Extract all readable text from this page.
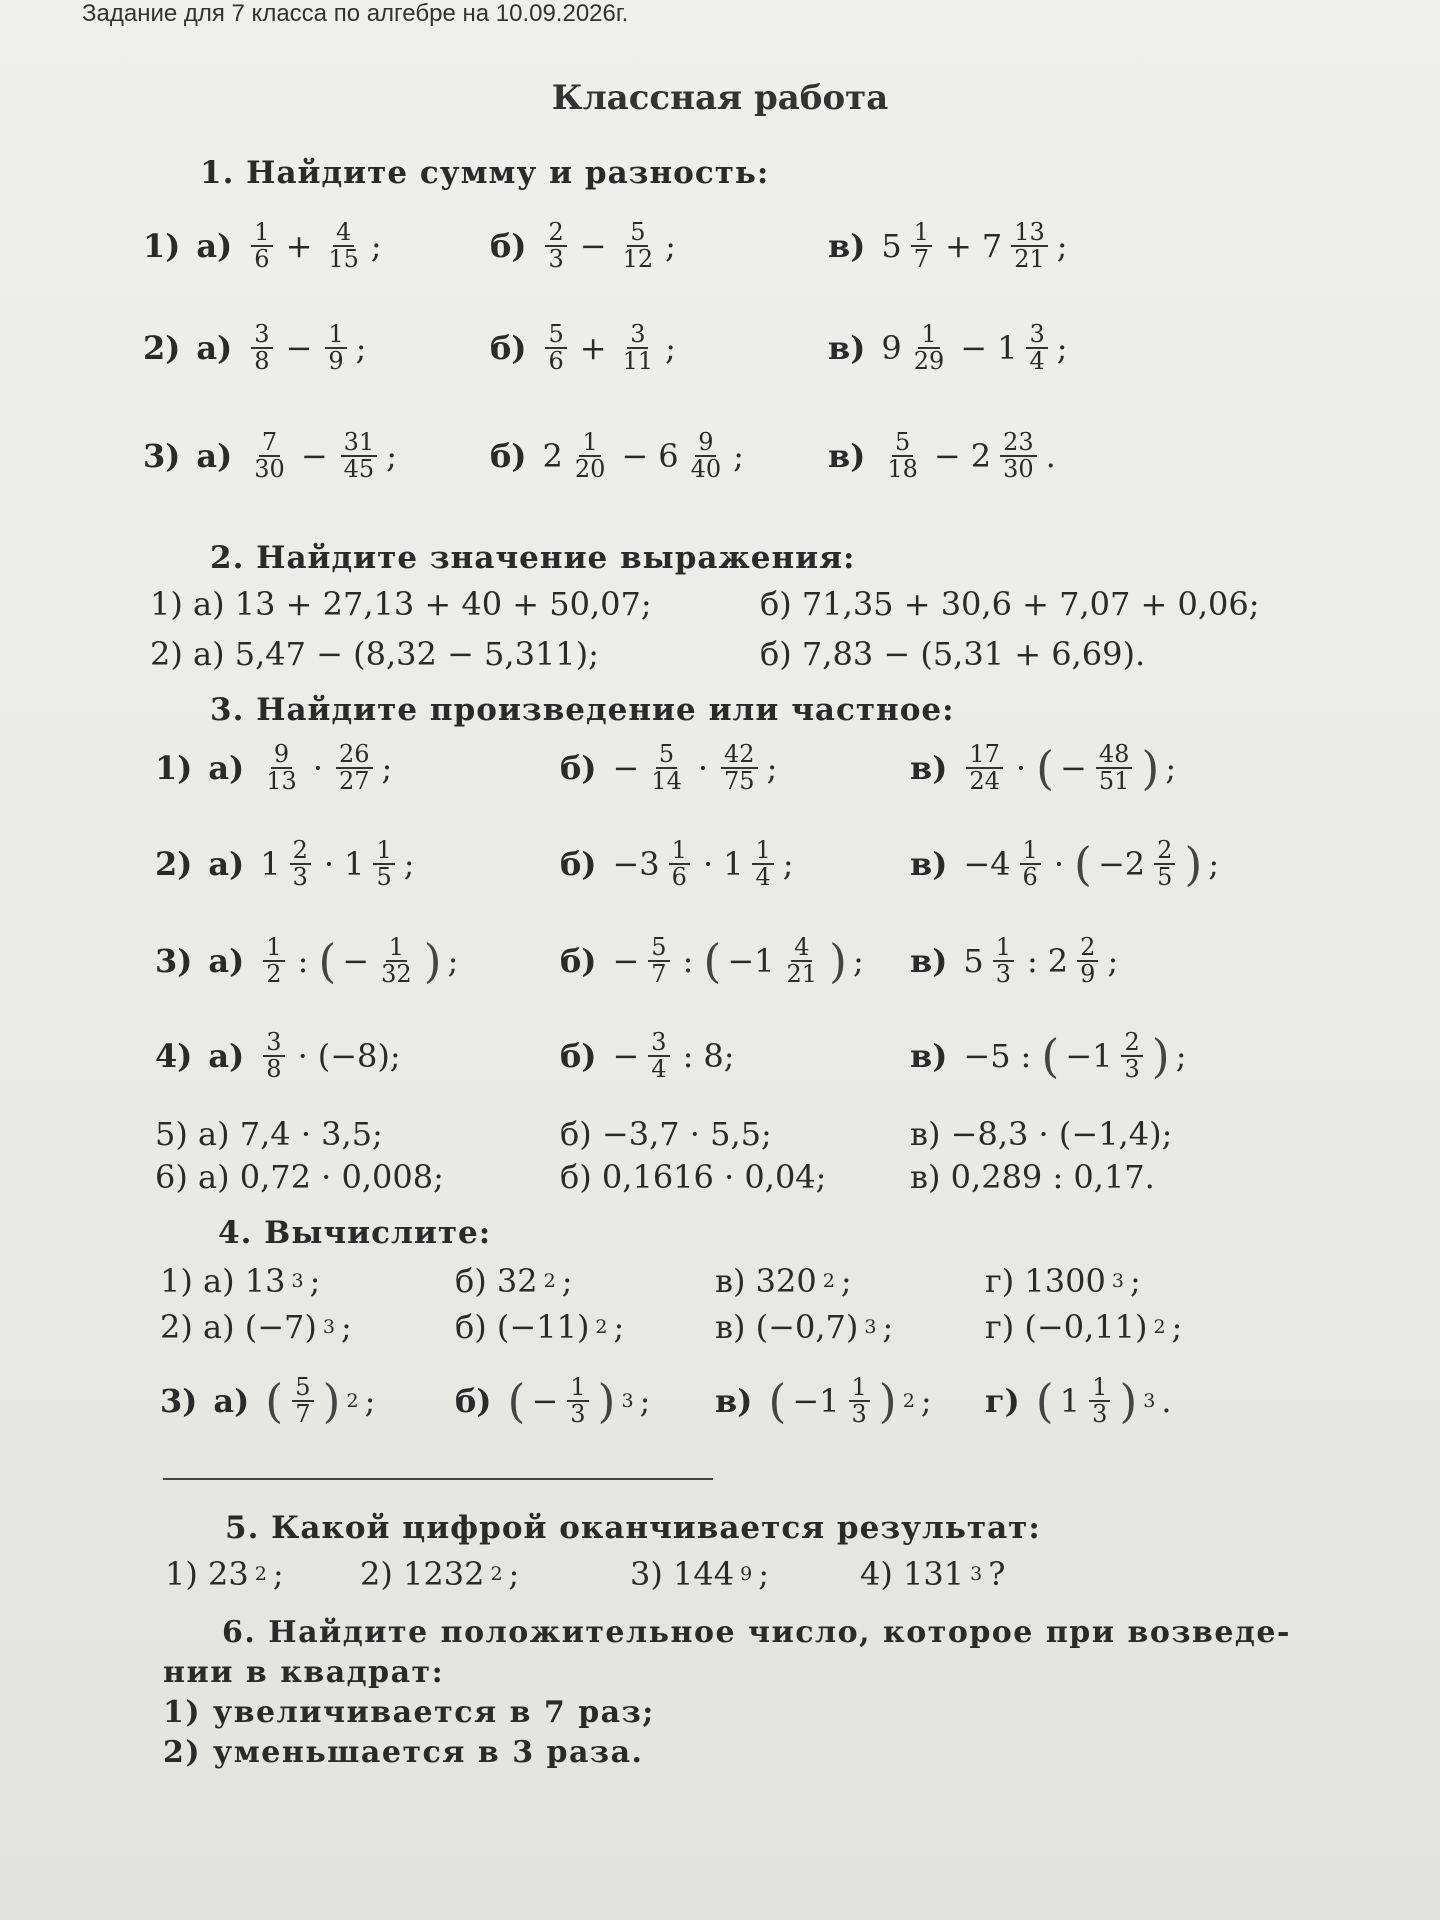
Задание для 7 класса по алгебре на 10.09.2026г.
Классная работа
1. Найдите сумму и разность:
1) $а) \frac{1}{6} + \frac{4}{15}$ ;	$б) \frac{2}{3} - \frac{5}{12}$ ;	в) $5 \frac{1}{7} + 7 \frac{13}{21}$ ;
2) $а) \frac{3}{8} - \frac{1}{9}$ ;	$б) \frac{5}{6} + \frac{3}{11}$ ;	в) $9 \frac{1}{29} - 1 \frac{3}{4}$ ;
3) $а) \frac{7}{30} - \frac{31}{45}$ ;	б) $2 \frac{1}{20} - 6 \frac{9}{40}$ ;	$в) \frac{5}{18} - 2 \frac{23}{30}$ .
2. Найдите значение выражения:
1) а) 13 + 27,13 + 40 + 50,07;	б) 71,35 + 30,6 + 7,07 + 0,06;
2) а) 5,47 − (8,32 − 5,311);	б) 7,83 − (5,31 + 6,69).
3. Найдите произведение или частное:
1) $а) \frac{9}{13} \cdot \frac{26}{27}$ ;	$б) - \frac{5}{14} \cdot \frac{42}{75}$ ;	$в) \frac{17}{24}$ · ( − $\frac{48}{51}$ ) ;
2) а) $1 \frac{2}{3} \cdot 1 \frac{1}{5}$ ;	$б) -3 \frac{1}{6} \cdot 1 \frac{1}{4}$ ;	$в) -4 \frac{1}{6}$ · ( $-2 \frac{2}{5}$ ) ;
3) $а) \frac{1}{2}$ : ( − $\frac{1}{32}$ ) ;	$б) - \frac{5}{7}$ : ( $-1 \frac{4}{21}$ ) ; в) $5 \frac{1}{3}$ : $2 \frac{2}{9}$ ;
4) $а) \frac{3}{8} \cdot (-8)$;	$б) - \frac{3}{4}$ : 8;	в) −5 : ( $-1 \frac{2}{3}$ ) ;
5) а) 7,4 · 3,5;	б) −3,7 · 5,5;	в) −8,3 · (−1,4);
6) а) 0,72 · 0,008;	б) 0,1616 · 0,04;	в) 0,289 : 0,17.
4. Вычислите:
1) а) 13 3 ;	б) 32 2 ;	в) 320 2 ;	г) 1300 3 ;
2) а) (−7) 3 ;	б) (−11) 2 ;	в) (−0,7) 3 ;	г) (−0,11) 2 ;
3) а) ( $\frac{5}{7}$ ) 2 ; б) ( − $\frac{1}{3}$ ) 3 ; в) ( $-1 \frac{1}{3}$ ) 2 ; г) ( $1 \frac{1}{3}$ ) 3 .
5. Какой цифрой оканчивается результат:
1) 23 2 ; 2) 1232 2 ;	3) 144 9 ;	4) 131 3 ?
6. Найдите положительное число, которое при возведе-
нии в квадрат:
1) увеличивается в 7 раз;
2) уменьшается в 3 раза.
